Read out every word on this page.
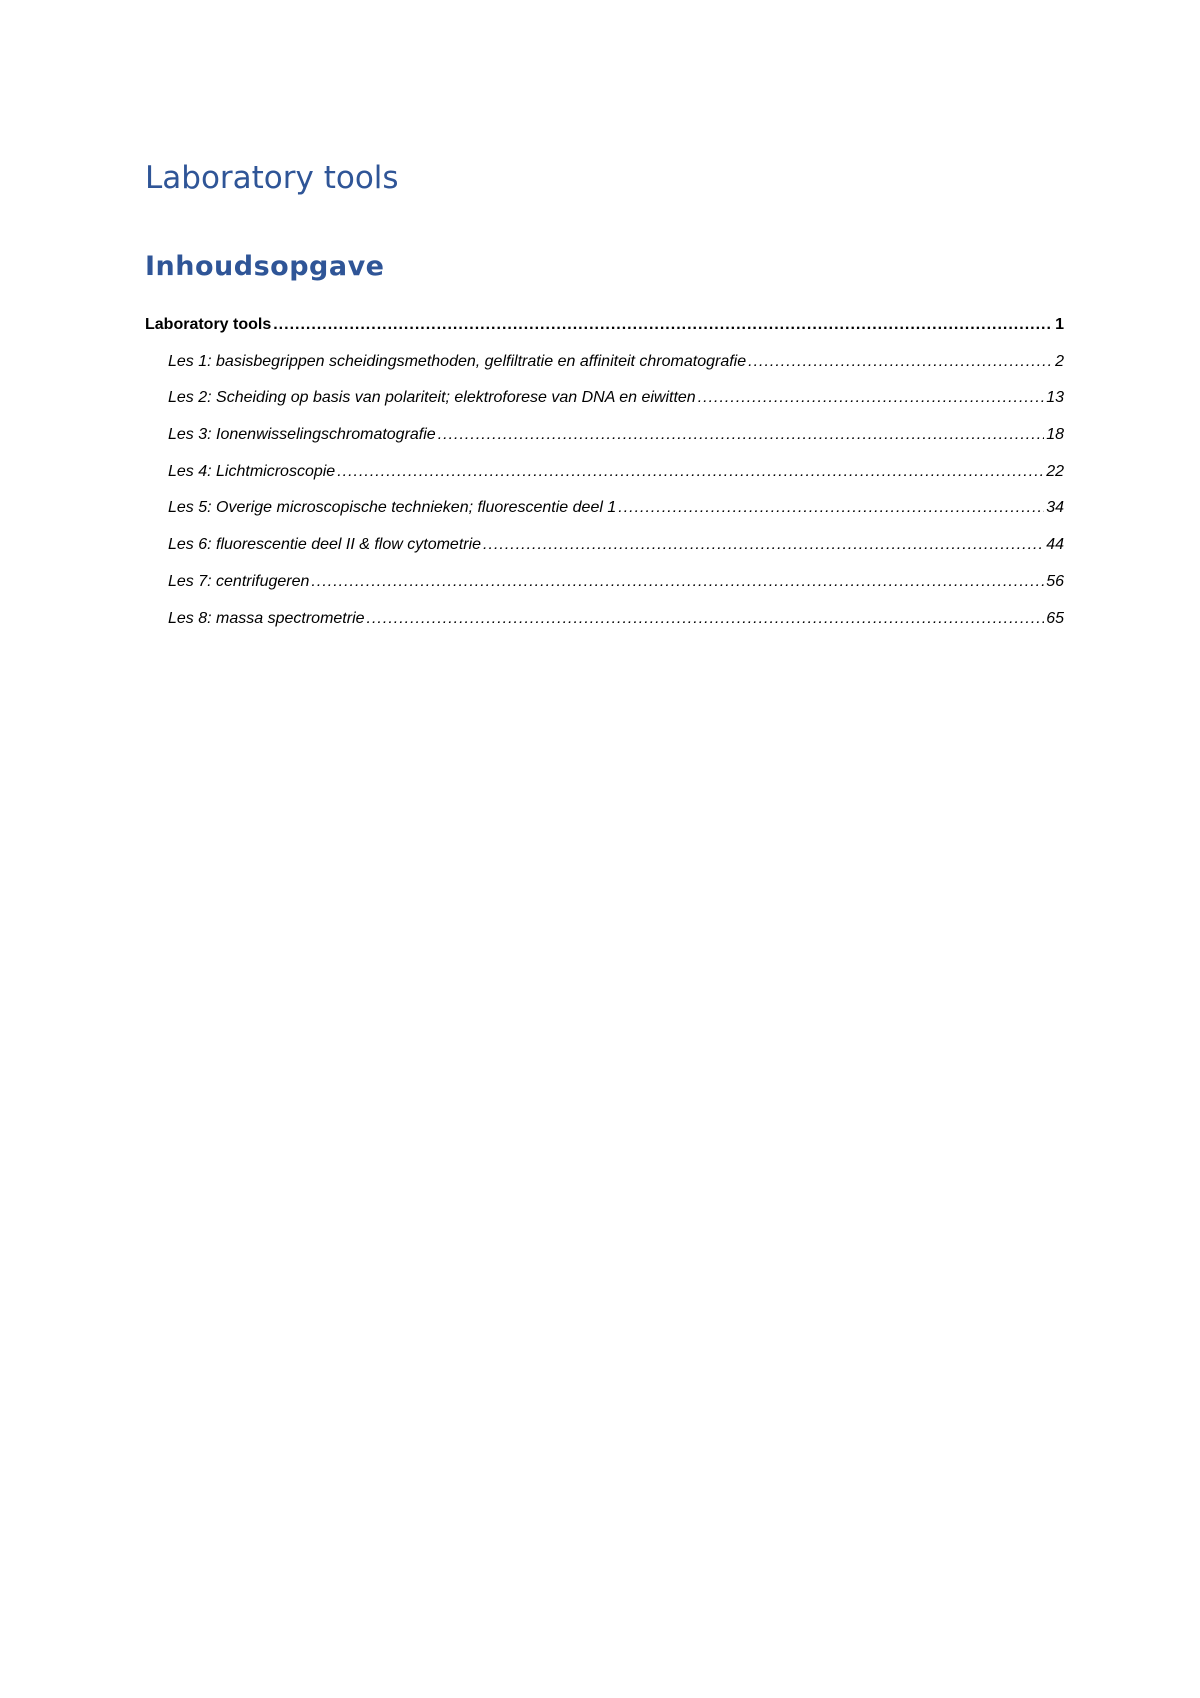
Laboratory tools
Inhoudsopgave
Laboratory tools .....	1
Les 1: basisbegrippen scheidingsmethoden, gelfiltratie en affiniteit chromatografie .....	2
Les 2: Scheiding op basis van polariteit; elektroforese van DNA en eiwitten .....	13
Les 3: Ionenwisselingschromatografie .....	18
Les 4: Lichtmicroscopie .....	22
Les 5: Overige microscopische technieken; fluorescentie deel 1 .....	34
Les 6: fluorescentie deel II & flow cytometrie .....	44
Les 7: centrifugeren .....	56
Les 8: massa spectrometrie .....	65
